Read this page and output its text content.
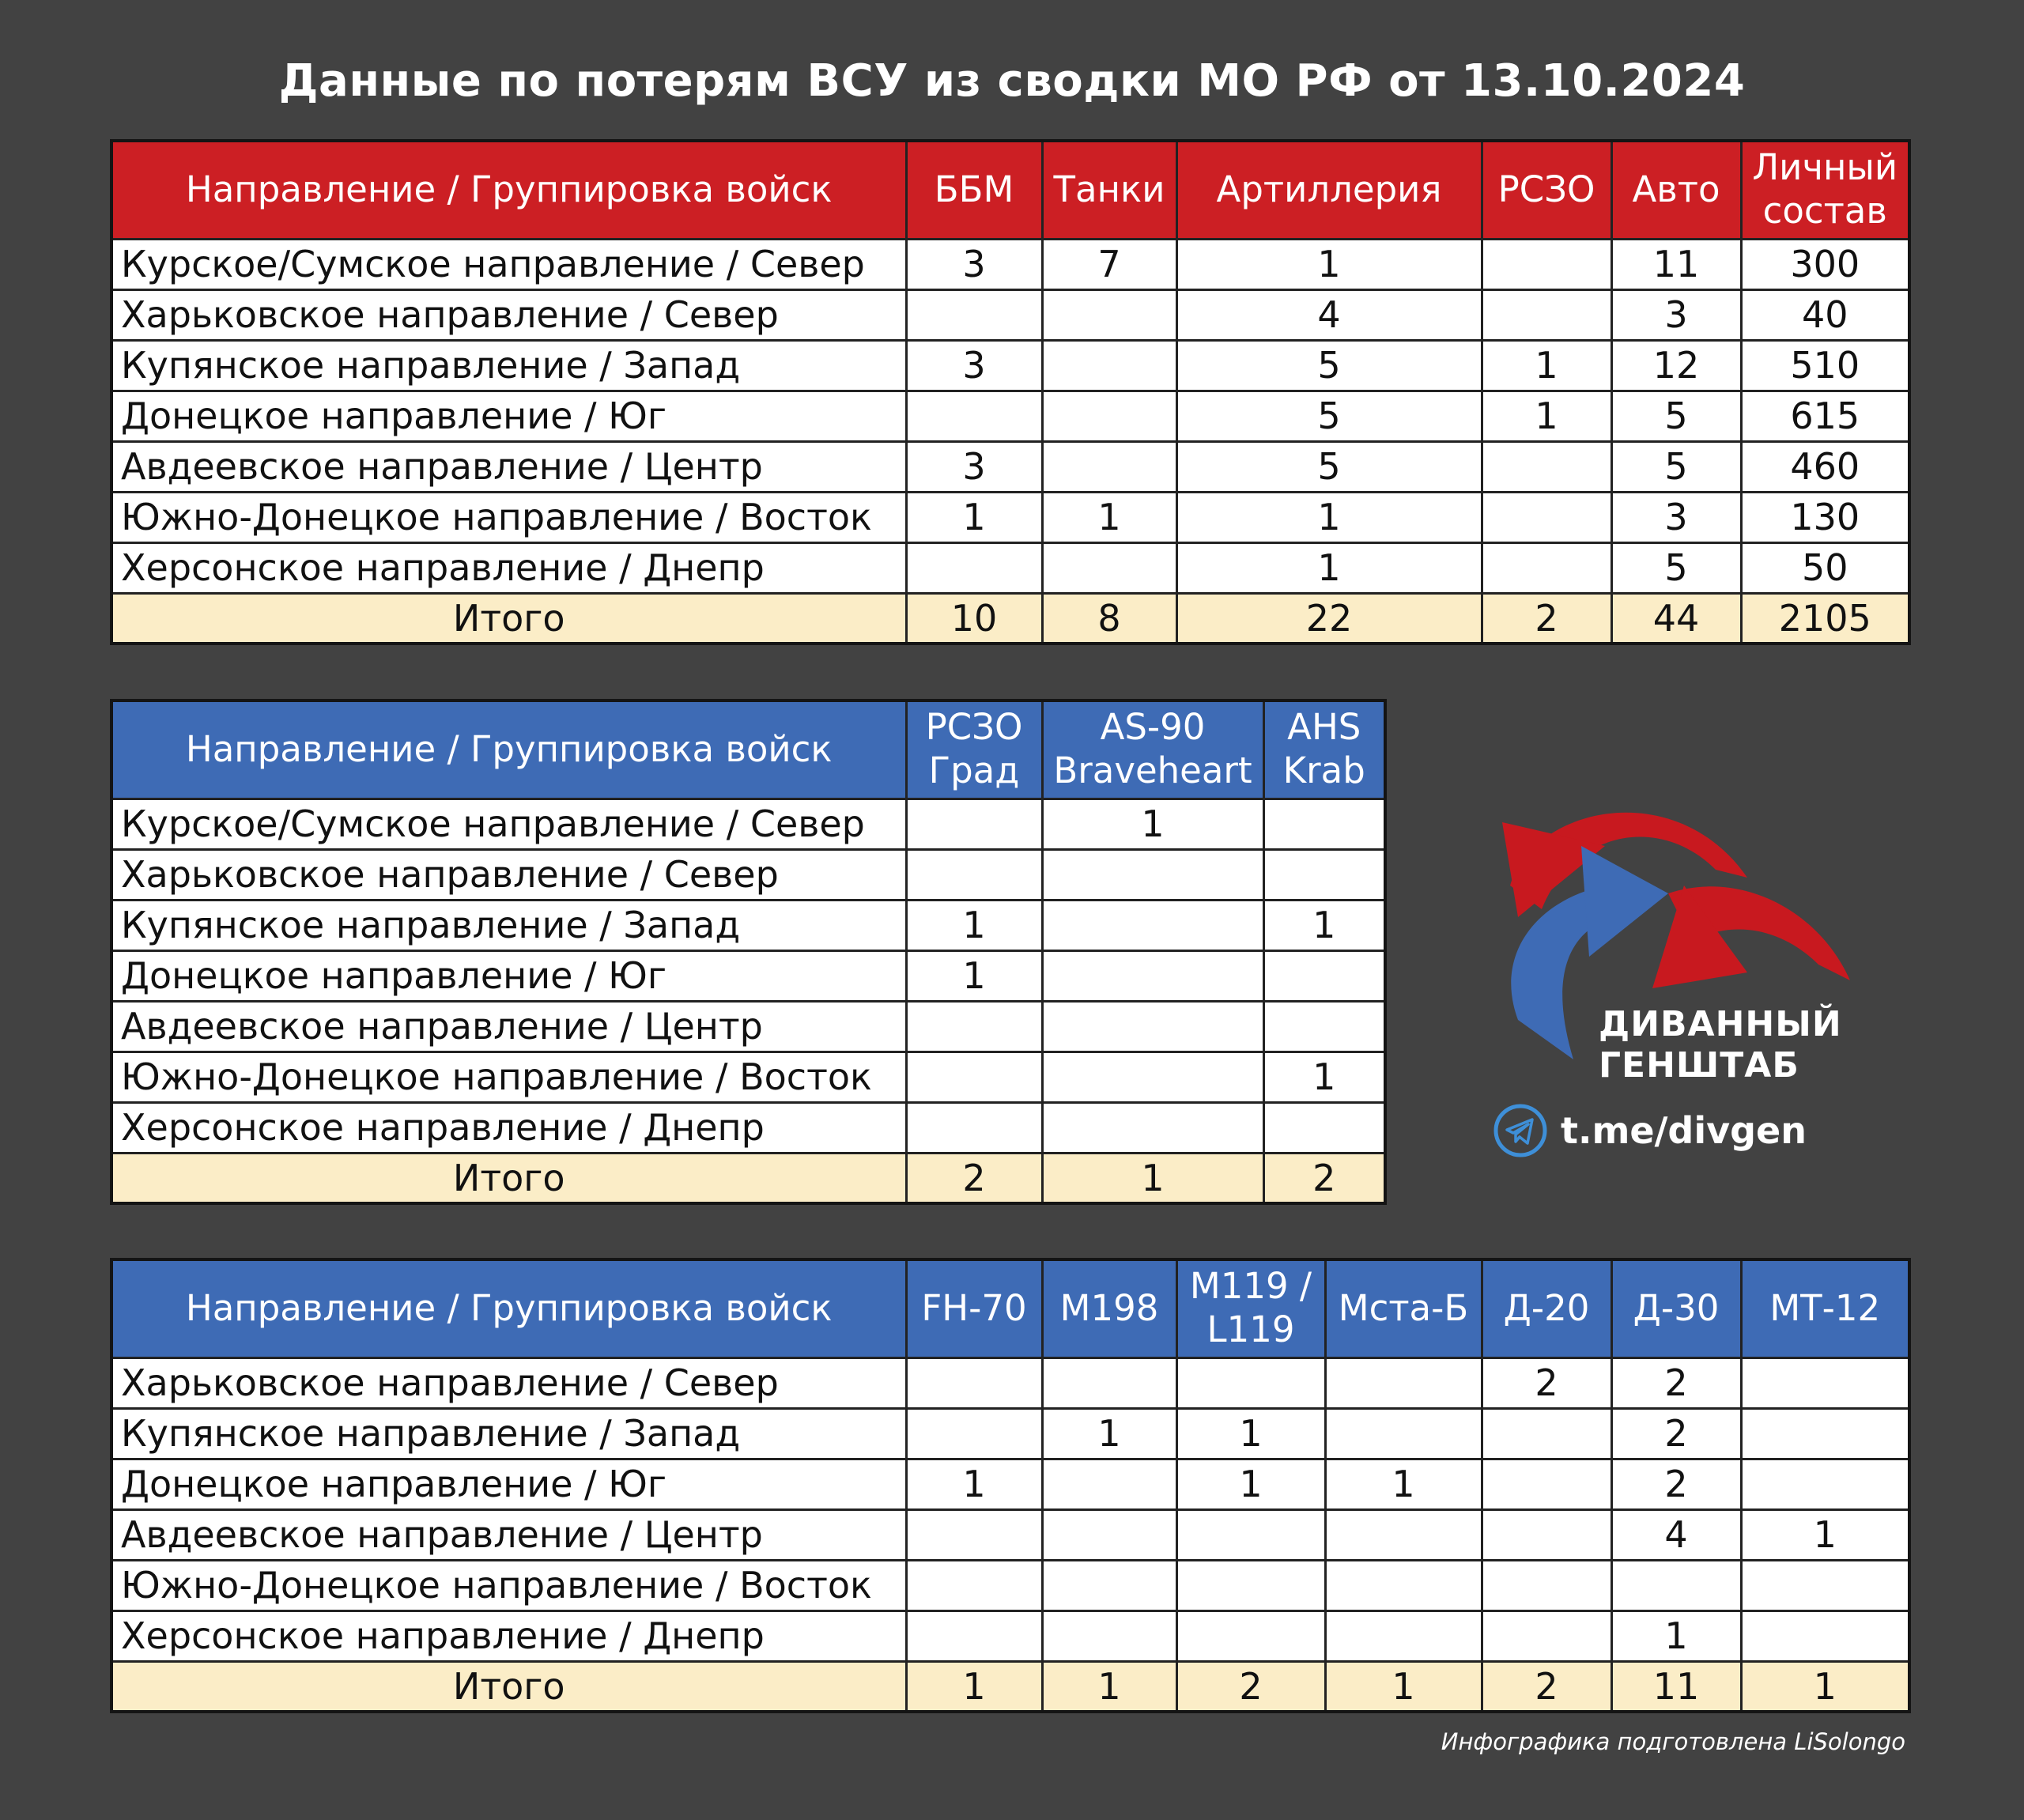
Данные по потерям ВСУ из сводки МО РФ от 13.10.2024
Направление / Группировка войск	ББМ	Танки	Артиллерия	РСЗО	Авто	Личный состав
Курское/Сумское направление / Север	3	7	1		11	300
Харьковское направление / Север			4		3	40
Купянское направление / Запад	3		5	1	12	510
Донецкое направление / Юг			5	1	5	615
Авдеевское направление / Центр	3		5		5	460
Южно-Донецкое направление / Восток	1	1	1		3	130
Херсонское направление / Днепр			1		5	50
Итого	10	8	22	2	44	2105
Направление / Группировка войск	РСЗО Град	AS-90 Braveheart	AHS Krab
Курское/Сумское направление / Север		1	
Харьковское направление / Север			
Купянское направление / Запад	1		1
Донецкое направление / Юг	1		
Авдеевское направление / Центр			
Южно-Донецкое направление / Восток			1
Херсонское направление / Днепр			
Итого	2	1	2
Направление / Группировка войск	FH-70	M198	M119 / L119	Мста-Б	Д-20	Д-30	МТ-12
Харьковское направление / Север					2	2	
Купянское направление / Запад		1	1			2	
Донецкое направление / Юг	1		1	1		2	
Авдеевское направление / Центр						4	1
Южно-Донецкое направление / Восток							
Херсонское направление / Днепр						1	
Итого	1	1	2	1	2	11	1
ДИВАННЫЙ
ГЕНШТАБ
t.me/divgen
Инфографика подготовлена LiSolongo
